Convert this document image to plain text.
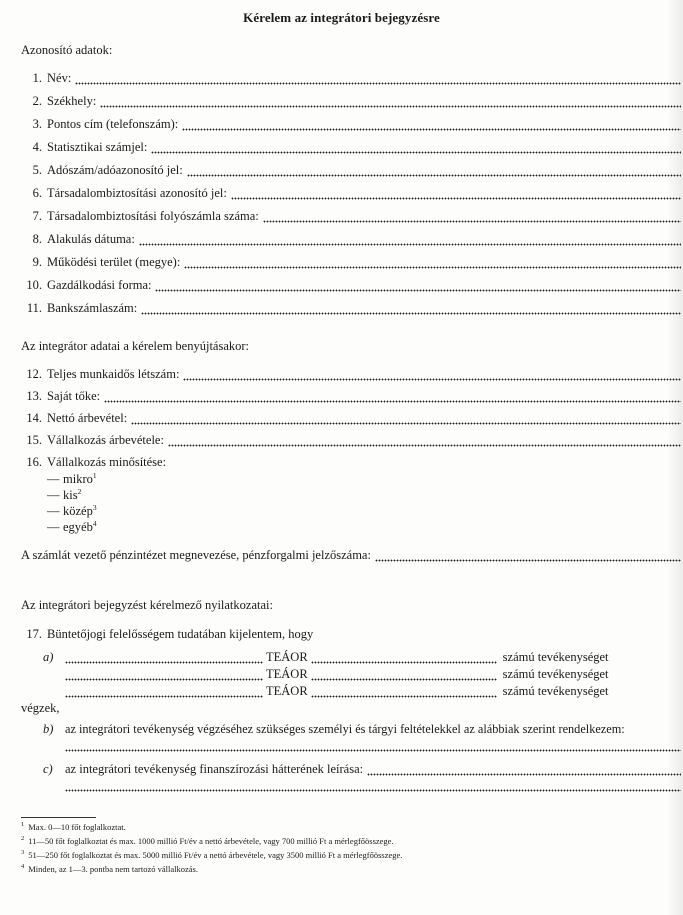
Kérelem az integrátori bejegyzésre
Azonosító adatok:
1. Név:
2. Székhely:
3. Pontos cím (telefonszám):
4. Statisztikai számjel:
5. Adószám/adóazonosító jel:
6. Társadalombiztosítási azonosító jel:
7. Társadalombiztosítási folyószámla száma:
8. Alakulás dátuma:
9. Működési terület (megye):
10. Gazdálkodási forma:
11. Bankszámlaszám:
Az integrátor adatai a kérelem benyújtásakor:
12. Teljes munkaidős létszám:
13. Saját tőke:
14. Nettó árbevétel:
15. Vállalkozás árbevétele:
16. Vállalkozás minősítése:
— mikro$^1$
— kis$^2$
— közép$^3$
— egyéb$^4$
A számlát vezető pénzintézet megnevezése, pénzforgalmi jelzőszáma:
Az integrátori bejegyzést kérelmező nyilatkozatai:
17. Büntetőjogi felelősségem tudatában kijelentem, hogy
a)	TEÁOR	számú tevékenységet
TEÁOR	számú tevékenységet
TEÁOR	számú tevékenységet
végzek,
b) az integrátori tevékenység végzéséhez szükséges személyi és tárgyi feltételekkel az alábbiak szerint rendelkezem:
c) az integrátori tevékenység finanszírozási hátterének leírása:
$^1$ Max. 0—10 főt foglalkoztat.
$^2$ 11—50 főt foglalkoztat és max. 1000 millió Ft/év a nettó árbevétele, vagy 700 millió Ft a mérlegfőösszege.
$^3$ 51—250 főt foglalkoztat és max. 5000 millió Ft/év a nettó árbevétele, vagy 3500 millió Ft a mérlegfőösszege.
$^4$ Minden, az 1—3. pontba nem tartozó vállalkozás.
